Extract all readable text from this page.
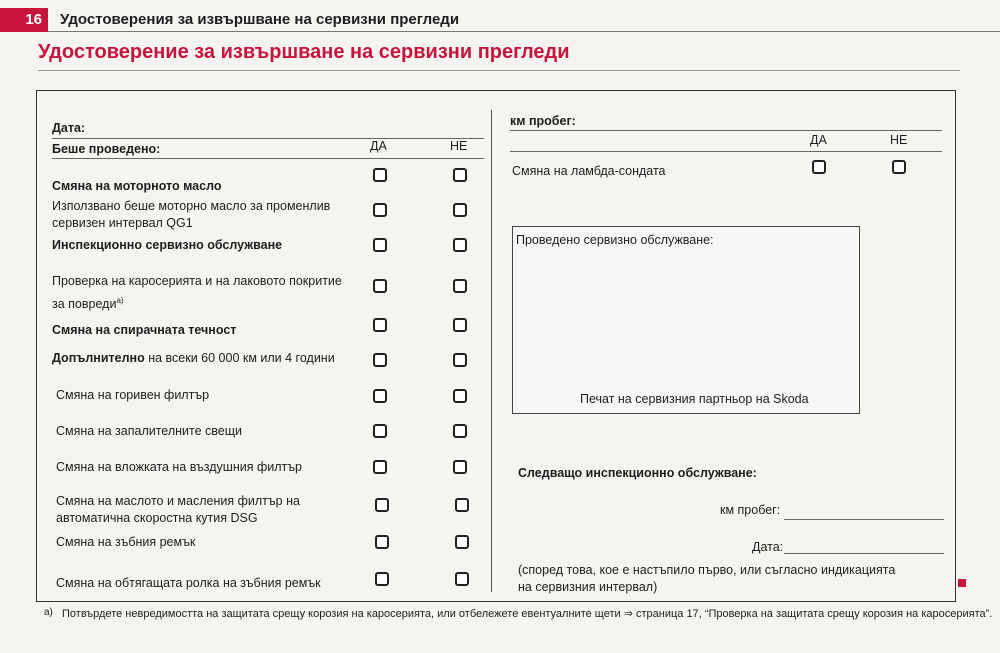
16	Удостоверения за извършване на сервизни прегледи
Удостоверение за извършване на сервизни прегледи
Дата:
Беше проведено:	ДА	НЕ
Смяна на моторното масло
Използвано беше моторно масло за променлив сервизен интервал QG1
Инспекционно сервизно обслужване
Проверка на каросерията и на лаковото покритие за повреди$^{a)}$
Смяна на спирачната течност
Допълнително на всеки 60 000 км или 4 години
Смяна на горивен филтър
Смяна на запалителните свещи
Смяна на вложката на въздушния филтър
Смяна на маслото и масления филтър на автоматична скоростна кутия DSG
Смяна на зъбния ремък
Смяна на обтягащата ролка на зъбния ремък
км пробег:
ДА	НЕ
Смяна на ламбда-сондата
Проведено сервизно обслужване:
Печат на сервизния партньор на Skoda
Следващо инспекционно обслужване:
км пробег:
Дата:
(според това, кое е настъпило първо, или съгласно индикацията на сервизния интервал)
a) Потвърдете невредимостта на защитата срещу корозия на каросерията, или отбележете евентуалните щети ⇒ страница 17, “Проверка на защитата срещу корозия на каросерията”.
